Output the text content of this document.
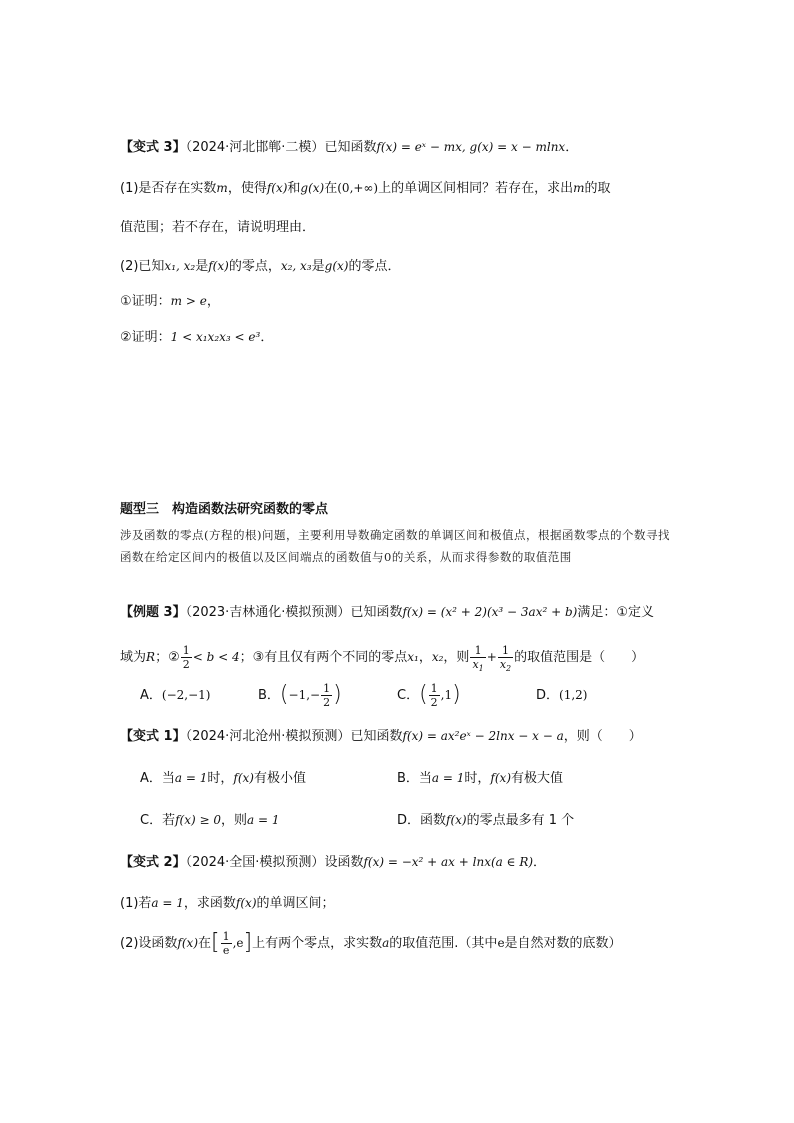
【变式 3】（2024·河北邯郸·二模）已知函数f(x) = eˣ − mx, g(x) = x − mlnx．
(1)是否存在实数m，使得f(x)和g(x)在(0,+∞)上的单调区间相同？若存在，求出m的取
值范围；若不存在，请说明理由．
(2)已知x₁, x₂是f(x)的零点，x₂, x₃是g(x)的零点．
①证明：m > e，
②证明：1 < x₁x₂x₃ < e³．
题型三　构造函数法研究函数的零点
涉及函数的零点(方程的根)问题，主要利用导数确定函数的单调区间和极值点，根据函数零点的个数寻找函数在给定区间内的极值以及区间端点的函数值与0的关系，从而求得参数的取值范围
【例题 3】（2023·吉林通化·模拟预测）已知函数f(x) = (x² + 2)(x³ − 3ax² + b)满足：①定义
域为R；② $\frac{1}{2} < b < 4$；③有且仅有两个不同的零点x₁，x₂，则 $\frac{1}{x_1} + \frac{1}{x_2}$ 的取值范围是（　　）
A．(−2,−1)	B．($-1,- \frac{1}{2}$ )	C．( $\frac{1}{2} ,1$)	D．(1,2)
【变式 1】（2024·河北沧州·模拟预测）已知函数f(x) = ax²eˣ − 2lnx − x − a，则（　　）
A．当a = 1时，f(x)有极小值	B．当a = 1时，f(x)有极大值
C．若f(x) ≥ 0，则a = 1	D．函数f(x)的零点最多有 1 个
【变式 2】（2024·全国·模拟预测）设函数f(x) = −x² + ax + lnx(a ∈ R)．
(1)若a = 1，求函数f(x)的单调区间；
(2)设函数f(x)在[ $\frac{1}{e} ,e$]上有两个零点，求实数a的取值范围.（其中e是自然对数的底数）
